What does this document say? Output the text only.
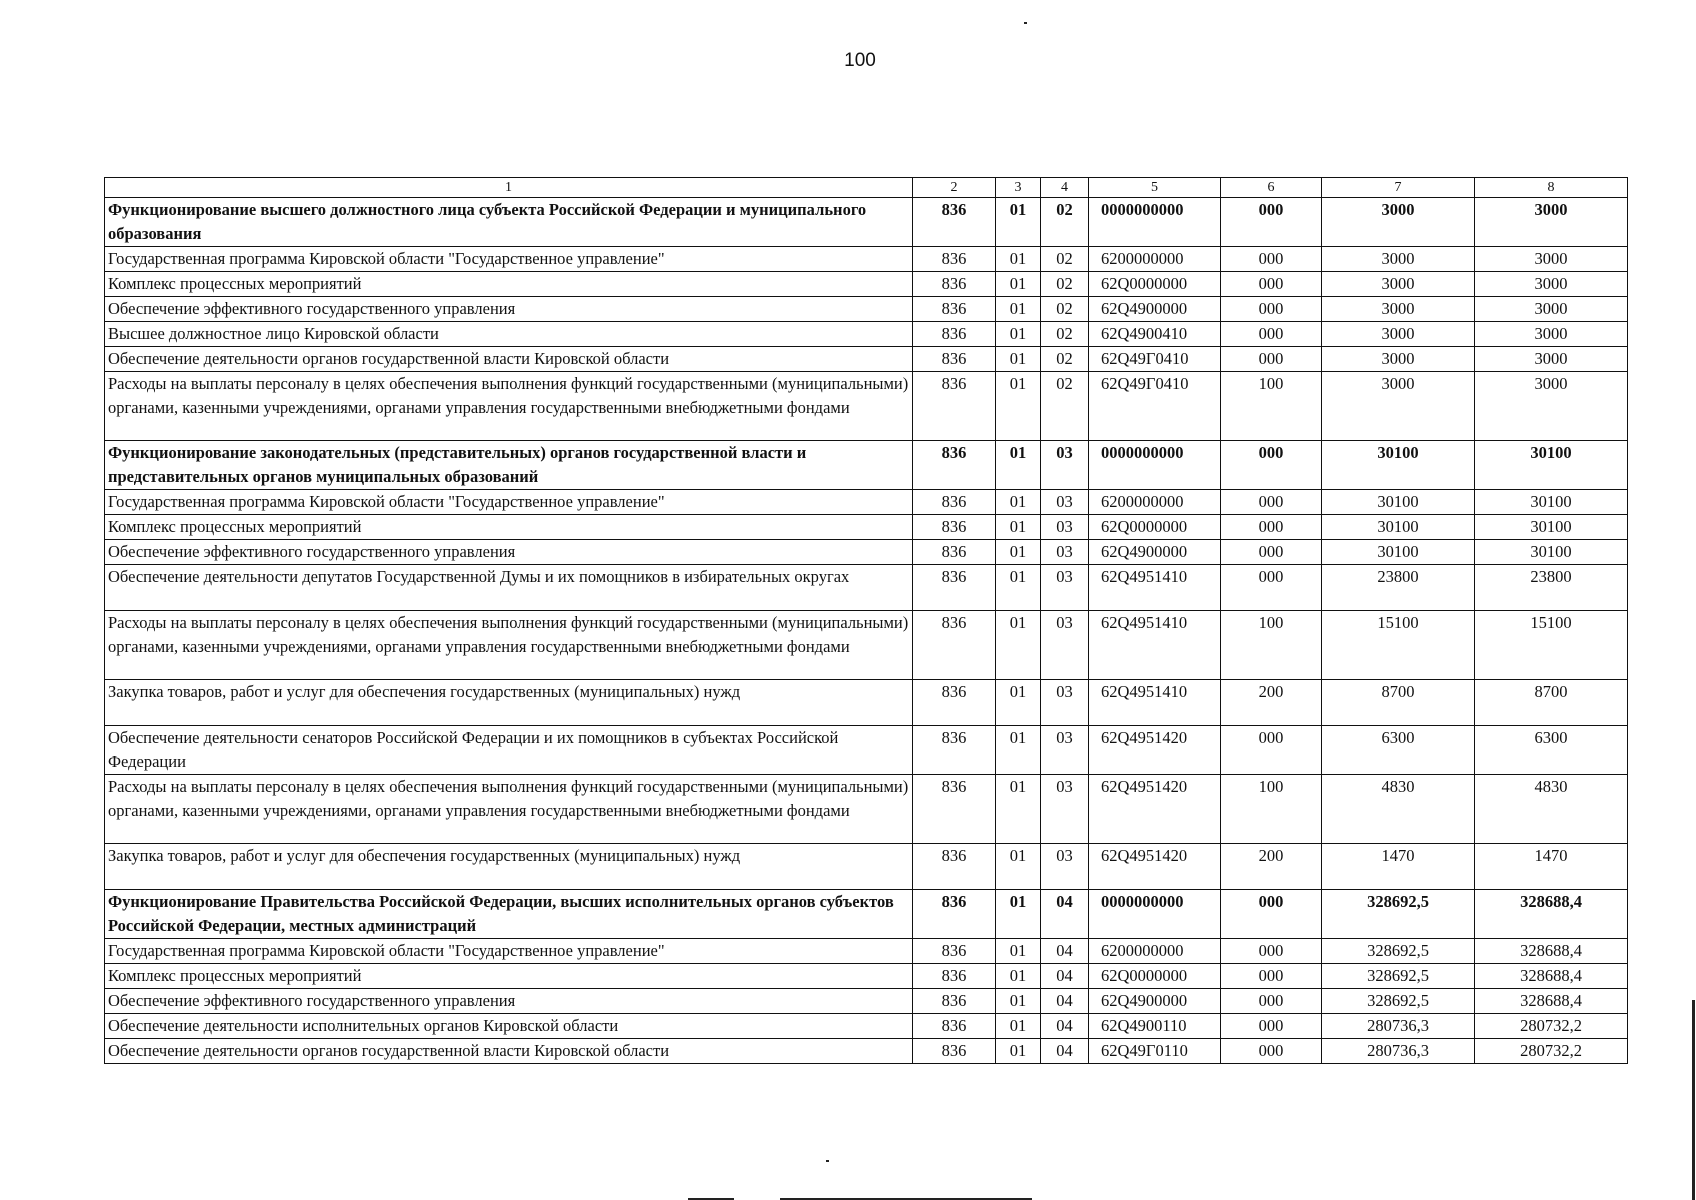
100
1	2	3	4	5	6	7	8
Функционирование высшего должностного лица субъекта Российской Федерации и муниципального образования	836	01	02	0000000000	000	3000	3000
Государственная программа Кировской области "Государственное управление"	836	01	02	6200000000	000	3000	3000
Комплекс процессных мероприятий	836	01	02	62Q0000000	000	3000	3000
Обеспечение эффективного государственного управления	836	01	02	62Q4900000	000	3000	3000
Высшее должностное лицо Кировской области	836	01	02	62Q4900410	000	3000	3000
Обеспечение деятельности органов государственной власти Кировской области	836	01	02	62Q49Г0410	000	3000	3000
Расходы на выплаты персоналу в целях обеспечения выполнения функций государственными (муниципальными) органами, казенными учреждениями, органами управления государственными внебюджетными фондами	836	01	02	62Q49Г0410	100	3000	3000
Функционирование законодательных (представительных) органов государственной власти и представительных органов муниципальных образований	836	01	03	0000000000	000	30100	30100
Государственная программа Кировской области "Государственное управление"	836	01	03	6200000000	000	30100	30100
Комплекс процессных мероприятий	836	01	03	62Q0000000	000	30100	30100
Обеспечение эффективного государственного управления	836	01	03	62Q4900000	000	30100	30100
Обеспечение деятельности депутатов Государственной Думы и их помощников в избирательных округах	836	01	03	62Q4951410	000	23800	23800
Расходы на выплаты персоналу в целях обеспечения выполнения функций государственными (муниципальными) органами, казенными учреждениями, органами управления государственными внебюджетными фондами	836	01	03	62Q4951410	100	15100	15100
Закупка товаров, работ и услуг для обеспечения государственных (муниципальных) нужд	836	01	03	62Q4951410	200	8700	8700
Обеспечение деятельности сенаторов Российской Федерации и их помощников в субъектах Российской Федерации	836	01	03	62Q4951420	000	6300	6300
Расходы на выплаты персоналу в целях обеспечения выполнения функций государственными (муниципальными) органами, казенными учреждениями, органами управления государственными внебюджетными фондами	836	01	03	62Q4951420	100	4830	4830
Закупка товаров, работ и услуг для обеспечения государственных (муниципальных) нужд	836	01	03	62Q4951420	200	1470	1470
Функционирование Правительства Российской Федерации, высших исполнительных органов субъектов Российской Федерации, местных администраций	836	01	04	0000000000	000	328692,5	328688,4
Государственная программа Кировской области "Государственное управление"	836	01	04	6200000000	000	328692,5	328688,4
Комплекс процессных мероприятий	836	01	04	62Q0000000	000	328692,5	328688,4
Обеспечение эффективного государственного управления	836	01	04	62Q4900000	000	328692,5	328688,4
Обеспечение деятельности исполнительных органов Кировской области	836	01	04	62Q4900110	000	280736,3	280732,2
Обеспечение деятельности органов государственной власти Кировской области	836	01	04	62Q49Г0110	000	280736,3	280732,2
